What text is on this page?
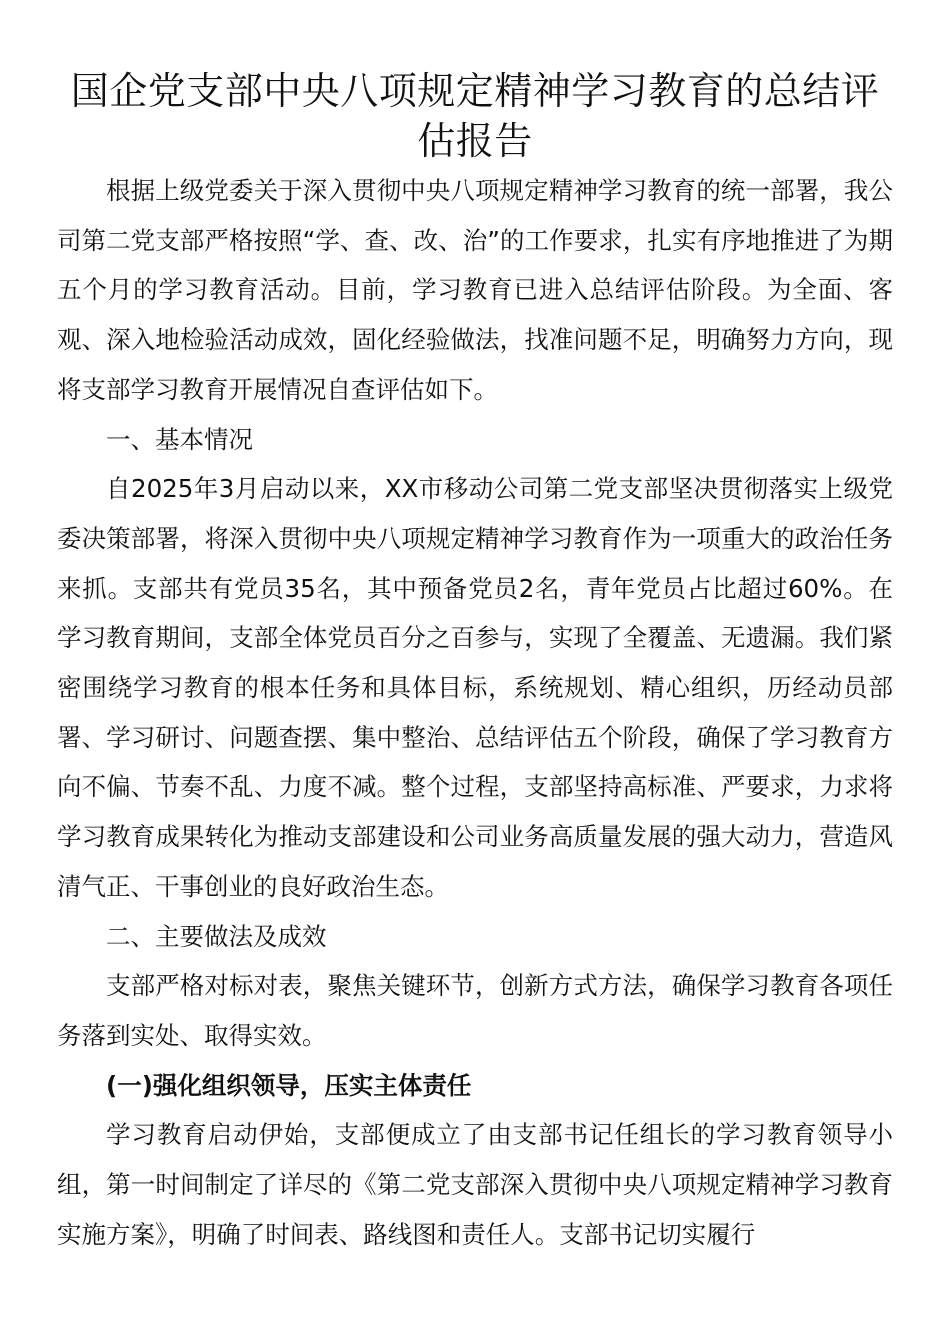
国企党支部中央八项规定精神学习教育的总结评估报告

根据上级党委关于深入贯彻中央八项规定精神学习教育的统一部署，我公司第二党支部严格按照“学、查、改、治”的工作要求，扎实有序地推进了为期五个月的学习教育活动。目前，学习教育已进入总结评估阶段。为全面、客观、深入地检验活动成效，固化经验做法，找准问题不足，明确努力方向，现将支部学习教育开展情况自查评估如下。

一、基本情况

自2025年3月启动以来，XX市移动公司第二党支部坚决贯彻落实上级党委决策部署，将深入贯彻中央八项规定精神学习教育作为一项重大的政治任务来抓。支部共有党员35名，其中预备党员2名，青年党员占比超过60%。在学习教育期间，支部全体党员百分之百参与，实现了全覆盖、无遗漏。我们紧密围绕学习教育的根本任务和具体目标，系统规划、精心组织，历经动员部署、学习研讨、问题查摆、集中整治、总结评估五个阶段，确保了学习教育方向不偏、节奏不乱、力度不减。整个过程，支部坚持高标准、严要求，力求将学习教育成果转化为推动支部建设和公司业务高质量发展的强大动力，营造风清气正、干事创业的良好政治生态。

二、主要做法及成效

支部严格对标对表，聚焦关键环节，创新方式方法，确保学习教育各项任务落到实处、取得实效。

(一)强化组织领导，压实主体责任

学习教育启动伊始，支部便成立了由支部书记任组长的学习教育领导小组，第一时间制定了详尽的《第二党支部深入贯彻中央八项规定精神学习教育实施方案》，明确了时间表、路线图和责任人。支部书记切实履行
